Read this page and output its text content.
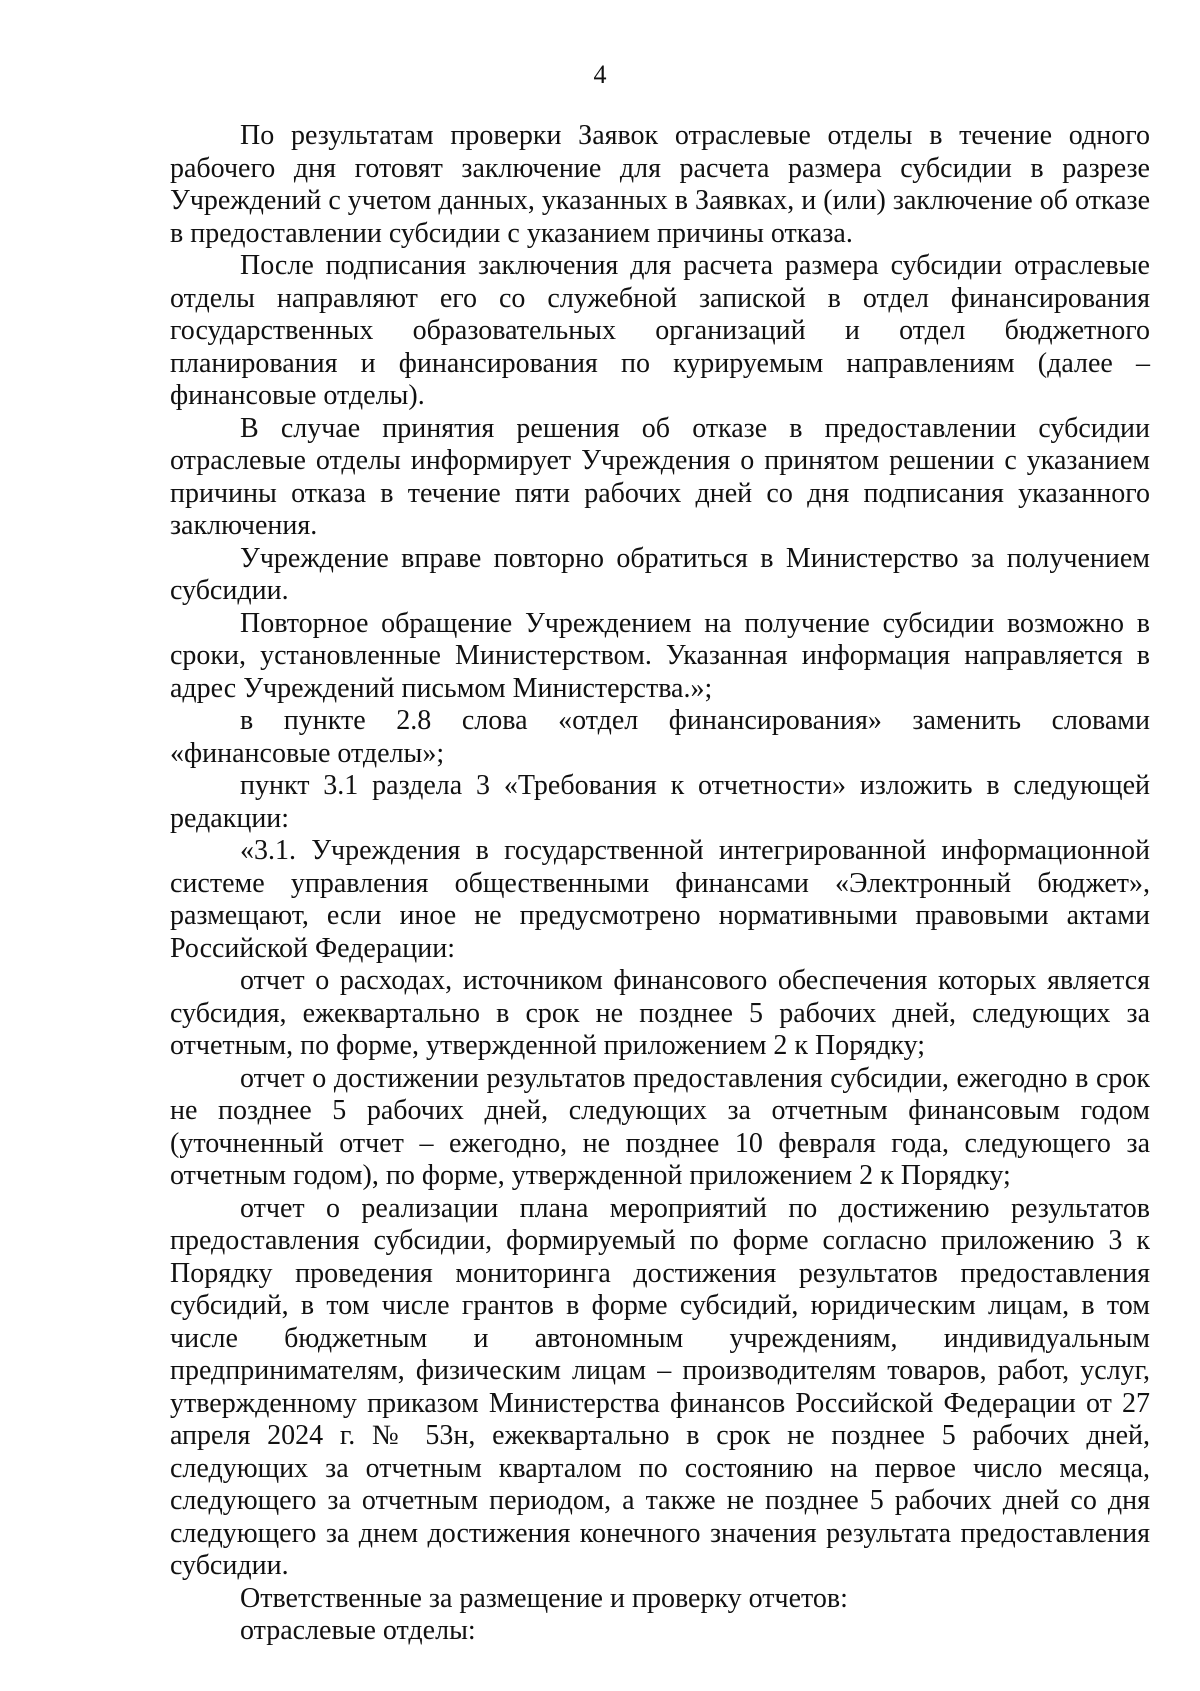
4

По результатам проверки Заявок отраслевые отделы в течение одного рабочего дня готовят заключение для расчета размера субсидии в разрезе Учреждений с учетом данных, указанных в Заявках, и (или) заключение об отказе в предоставлении субсидии с указанием причины отказа.

После подписания заключения для расчета размера субсидии отраслевые отделы направляют его со служебной запиской в отдел финансирования государственных образовательных организаций и отдел бюджетного планирования и финансирования по курируемым направлениям (далее – финансовые отделы).

В случае принятия решения об отказе в предоставлении субсидии отраслевые отделы информирует Учреждения о принятом решении с указанием причины отказа в течение пяти рабочих дней со дня подписания указанного заключения.

Учреждение вправе повторно обратиться в Министерство за получением субсидии.

Повторное обращение Учреждением на получение субсидии возможно в сроки, установленные Министерством. Указанная информация направляется в адрес Учреждений письмом Министерства.»;

в пункте 2.8 слова «отдел финансирования» заменить словами «финансовые отделы»;

пункт 3.1 раздела 3 «Требования к отчетности» изложить в следующей редакции:

«3.1. Учреждения в государственной интегрированной информационной системе управления общественными финансами «Электронный бюджет», размещают, если иное не предусмотрено нормативными правовыми актами Российской Федерации:

отчет о расходах, источником финансового обеспечения которых является субсидия, ежеквартально в срок не позднее 5 рабочих дней, следующих за отчетным, по форме, утвержденной приложением 2 к Порядку;

отчет о достижении результатов предоставления субсидии, ежегодно в срок не позднее 5 рабочих дней, следующих за отчетным финансовым годом (уточненный отчет – ежегодно, не позднее 10 февраля года, следующего за отчетным годом), по форме, утвержденной приложением 2 к Порядку;

отчет о реализации плана мероприятий по достижению результатов предоставления субсидии, формируемый по форме согласно приложению 3 к Порядку проведения мониторинга достижения результатов предоставления субсидий, в том числе грантов в форме субсидий, юридическим лицам, в том числе бюджетным и автономным учреждениям, индивидуальным предпринимателям, физическим лицам – производителям товаров, работ, услуг, утвержденному приказом Министерства финансов Российской Федерации от 27 апреля 2024 г. № 53н, ежеквартально в срок не позднее 5 рабочих дней, следующих за отчетным кварталом по состоянию на первое число месяца, следующего за отчетным периодом, а также не позднее 5 рабочих дней со дня следующего за днем достижения конечного значения результата предоставления субсидии.

Ответственные за размещение и проверку отчетов:

отраслевые отделы:
